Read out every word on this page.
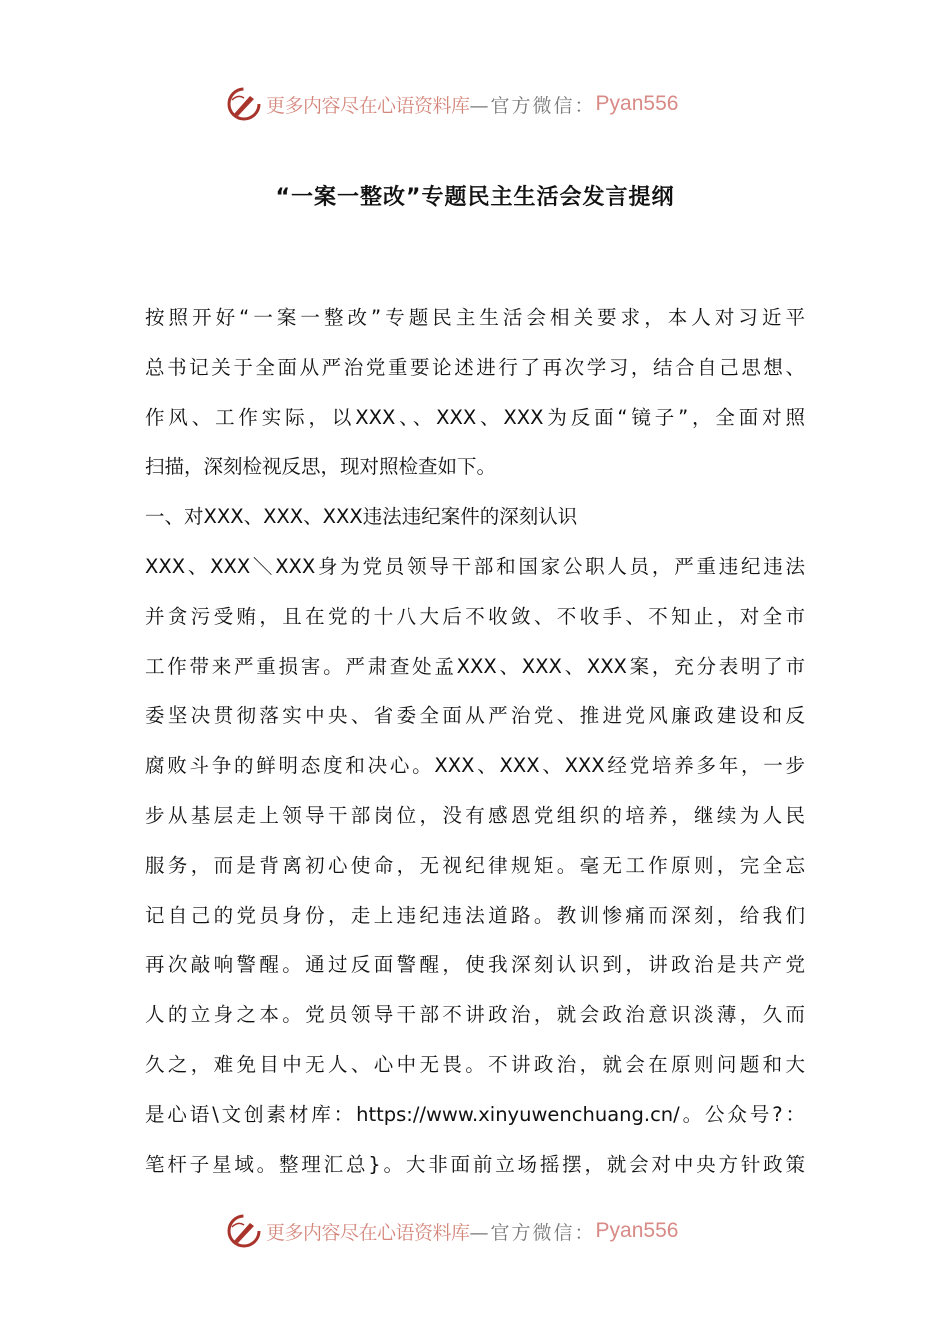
更多内容尽在心语资料库 —官方微信： Pyan556
“一案一整改”专题民主生活会发言提纲
按照开好“一案一整改”专题民主生活会相关要求，本人对习近平
总书记关于全面从严治党重要论述进行了再次学习，结合自己思想、
作风、工作实际，以XXX、、XXX、XXX为反面“镜子”，全面对照
扫描，深刻检视反思，现对照检查如下。
一、对XXX、XXX、XXX违法违纪案件的深刻认识
XXX、XXX＼XXX身为党员领导干部和国家公职人员，严重违纪违法
并贪污受贿，且在党的十八大后不收敛、不收手、不知止，对全市
工作带来严重损害。严肃查处孟XXX、XXX、XXX案，充分表明了市
委坚决贯彻落实中央、省委全面从严治党、推进党风廉政建设和反
腐败斗争的鲜明态度和决心。XXX、XXX、XXX经党培养多年，一步
步从基层走上领导干部岗位，没有感恩党组织的培养，继续为人民
服务，而是背离初心使命，无视纪律规矩。毫无工作原则，完全忘
记自己的党员身份，走上违纪违法道路。教训惨痛而深刻，给我们
再次敲响警醒。通过反面警醒，使我深刻认识到，讲政治是共产党
人的立身之本。党员领导干部不讲政治，就会政治意识淡薄，久而
久之，难免目中无人、心中无畏。不讲政治，就会在原则问题和大
是心语\文创素材库：https://www.xinyuwenchuang.cn/。公众号?：
笔杆子星域。整理汇总}。大非面前立场摇摆，就会对中央方针政策
更多内容尽在心语资料库 —官方微信： Pyan556
